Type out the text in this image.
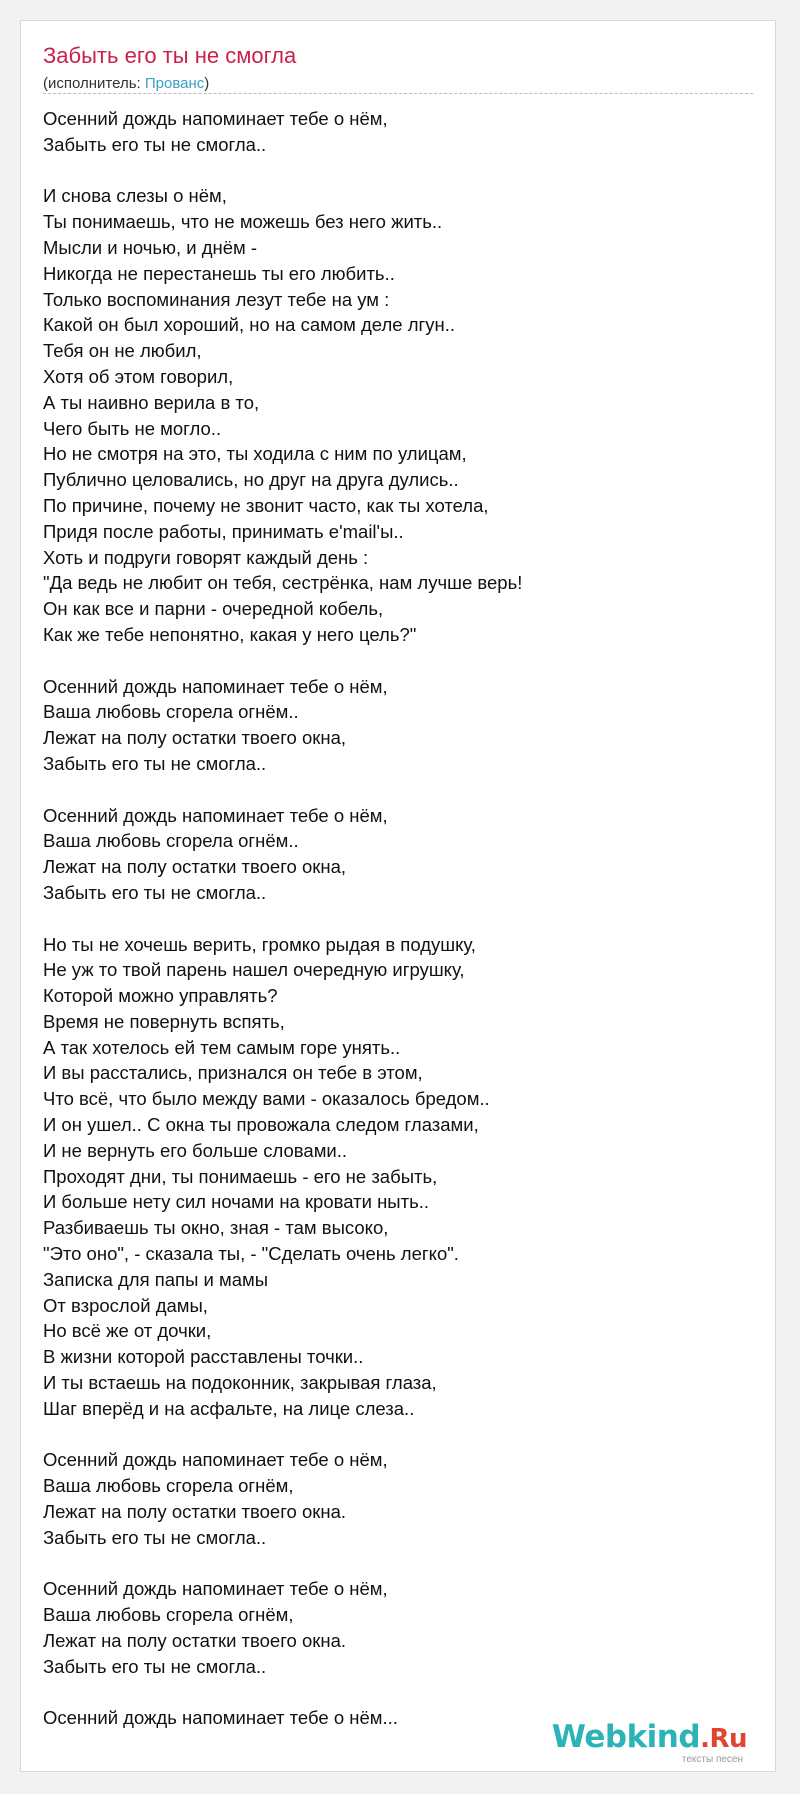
Забыть его ты не смогла
(исполнитель: Прованс)
Осенний дождь напоминает тебе о нём,
Забыть его ты не смогла..
И снова слезы о нём,
Ты понимаешь, что не можешь без него жить..
Мысли и ночью, и днём -
Никогда не перестанешь ты его любить..
Только воспоминания лезут тебе на ум :
Какой он был хороший, но на самом деле лгун..
Тебя он не любил,
Хотя об этом говорил,
А ты наивно верила в то,
Чего быть не могло..
Но не смотря на это, ты ходила с ним по улицам,
Публично целовались, но друг на друга дулись..
По причине, почему не звонит часто, как ты хотела,
Придя после работы, принимать e'mail'ы..
Хоть и подруги говорят каждый день :
"Да ведь не любит он тебя, сестрёнка, нам лучше верь!
Он как все и парни - очередной кобель,
Как же тебе непонятно, какая у него цель?"
Осенний дождь напоминает тебе о нём,
Ваша любовь сгорела огнём..
Лежат на полу остатки твоего окна,
Забыть его ты не смогла..
Осенний дождь напоминает тебе о нём,
Ваша любовь сгорела огнём..
Лежат на полу остатки твоего окна,
Забыть его ты не смогла..
Но ты не хочешь верить, громко рыдая в подушку,
Не уж то твой парень нашел очередную игрушку,
Которой можно управлять?
Время не повернуть вспять,
А так хотелось ей тем самым горе унять..
И вы расстались, признался он тебе в этом,
Что всё, что было между вами - оказалось бредом..
И он ушел.. С окна ты провожала следом глазами,
И не вернуть его больше словами..
Проходят дни, ты понимаешь - его не забыть,
И больше нету сил ночами на кровати ныть..
Разбиваешь ты окно, зная - там высоко,
"Это оно", - сказала ты, - "Сделать очень легко".
Записка для папы и мамы
От взрослой дамы,
Но всё же от дочки,
В жизни которой расставлены точки..
И ты встаешь на подоконник, закрывая глаза,
Шаг вперёд и на асфальте, на лице слеза..
Осенний дождь напоминает тебе о нём,
Ваша любовь сгорела огнём,
Лежат на полу остатки твоего окна.
Забыть его ты не смогла..
Осенний дождь напоминает тебе о нём,
Ваша любовь сгорела огнём,
Лежат на полу остатки твоего окна.
Забыть его ты не смогла..
Осенний дождь напоминает тебе о нём...
Webkind.Ru
тексты песен
